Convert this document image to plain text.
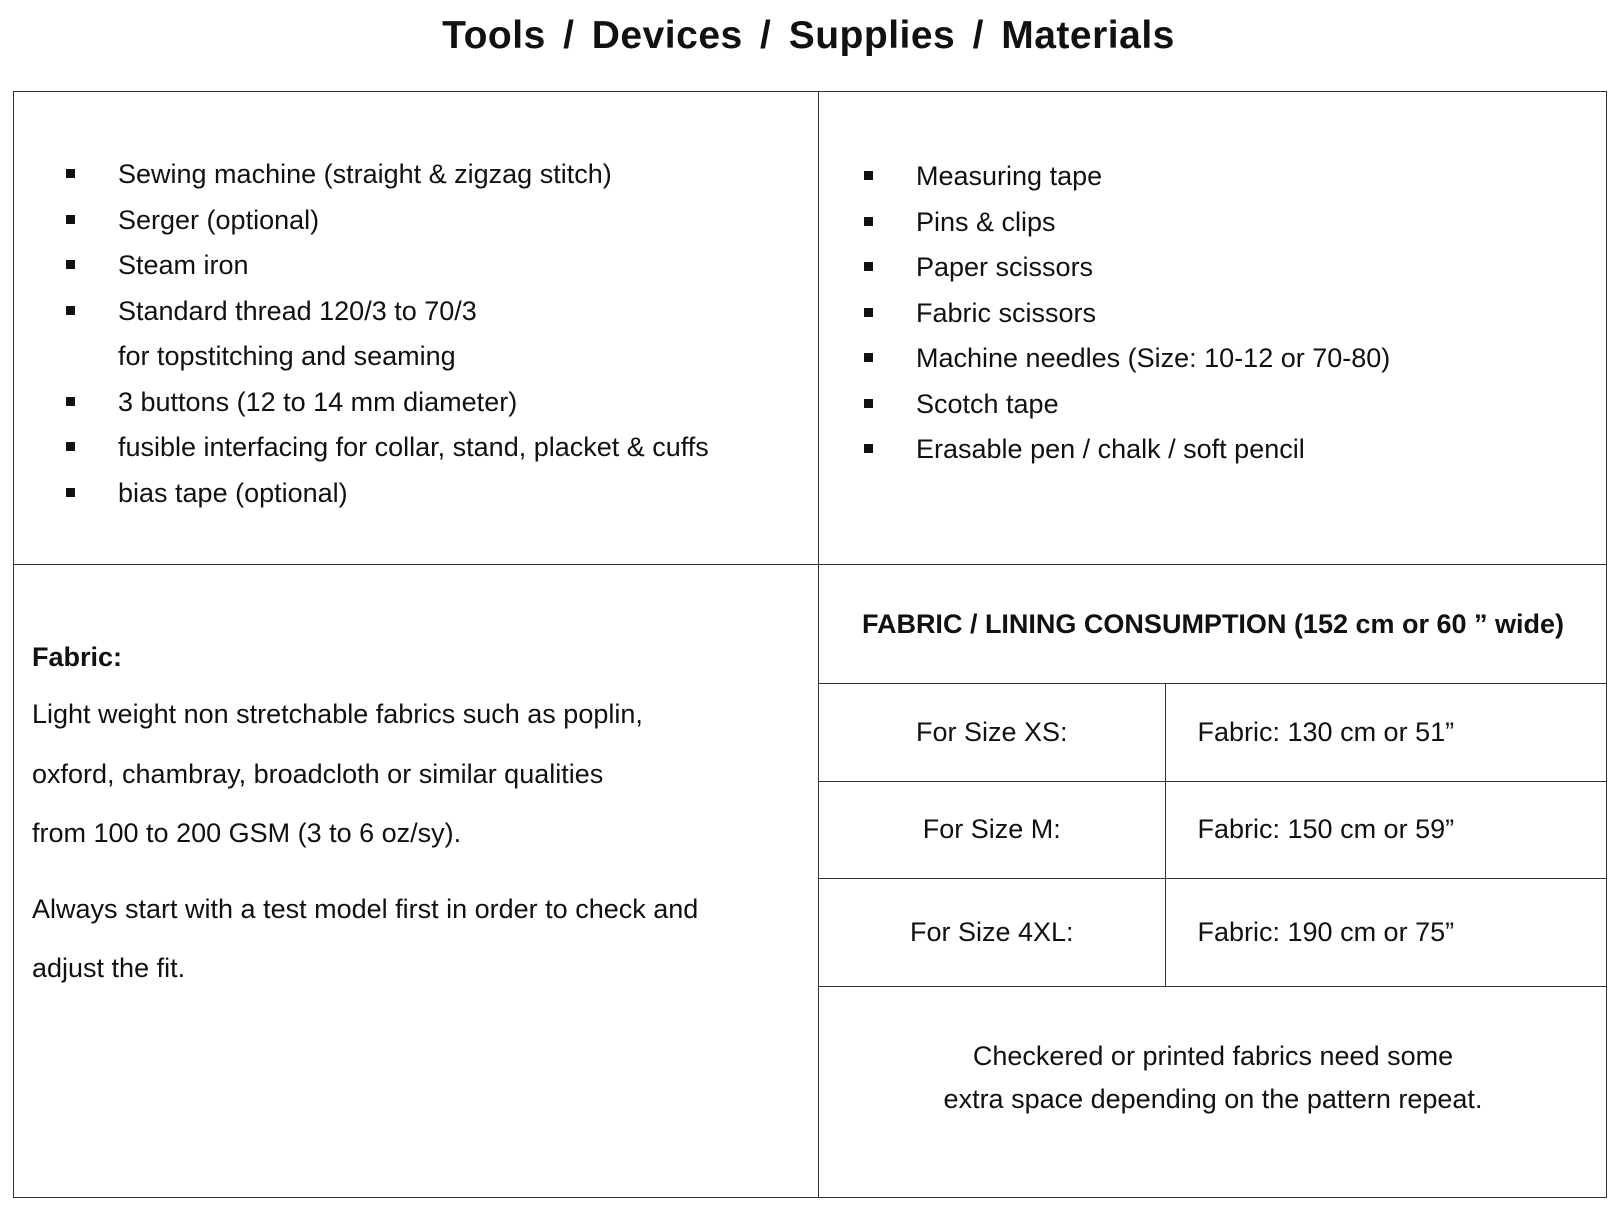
Tools / Devices / Supplies / Materials
Sewing machine (straight & zigzag stitch)
Serger (optional)
Steam iron
Standard thread 120/3 to 70/3
for topstitching and seaming
3 buttons (12 to 14 mm diameter)
fusible interfacing for collar, stand, placket & cuffs
bias tape (optional)
Measuring tape
Pins & clips
Paper scissors
Fabric scissors
Machine needles (Size: 10-12 or 70-80)
Scotch tape
Erasable pen / chalk / soft pencil
Fabric:
Light weight non stretchable fabrics such as poplin,
oxford, chambray, broadcloth or similar qualities
from 100 to 200 GSM (3 to 6 oz/sy).
Always start with a test model first in order to check and
adjust the fit.
FABRIC / LINING CONSUMPTION (152 cm or 60 ” wide)
For Size XS:	Fabric: 130 cm or 51”
For Size M:	Fabric: 150 cm or 59”
For Size 4XL:	Fabric: 190 cm or 75”
Checkered or printed fabrics need some
extra space depending on the pattern repeat.
